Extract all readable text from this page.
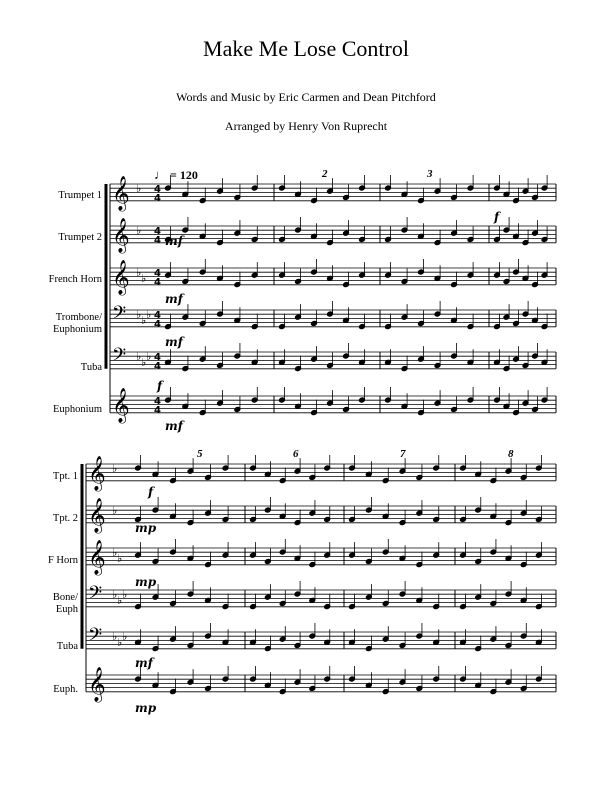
Make Me Lose Control
Words and Music by Eric Carmen and Dean Pitchford
Arranged by Henry Von Ruprecht
♩ = 120	2	3
5	6	7	8
Trumpet 1
Trumpet 2
French Horn
Trombone/ Euphonium
Tuba
Euphonium
Tpt. 1
Tpt. 2
F Horn
Bone/ Euph
Tuba
Euph.
𝄞 ♭ 4
4
𝄞 ♭ 4
4
𝄞 ♭ ♭ 4
4
𝄢 ♭ ♭ ♭ 4
4
𝄢 ♭ ♭ ♭ 4
4
𝄞 4
4
𝄞 ♭
𝄞 ♭
𝄞 ♭ ♭
𝄢 ♭ ♭ ♭
𝄢 ♭ ♭ ♭
𝄞
mf
mf
mf
mf
f
f
f
mp
mp
mf
mp
